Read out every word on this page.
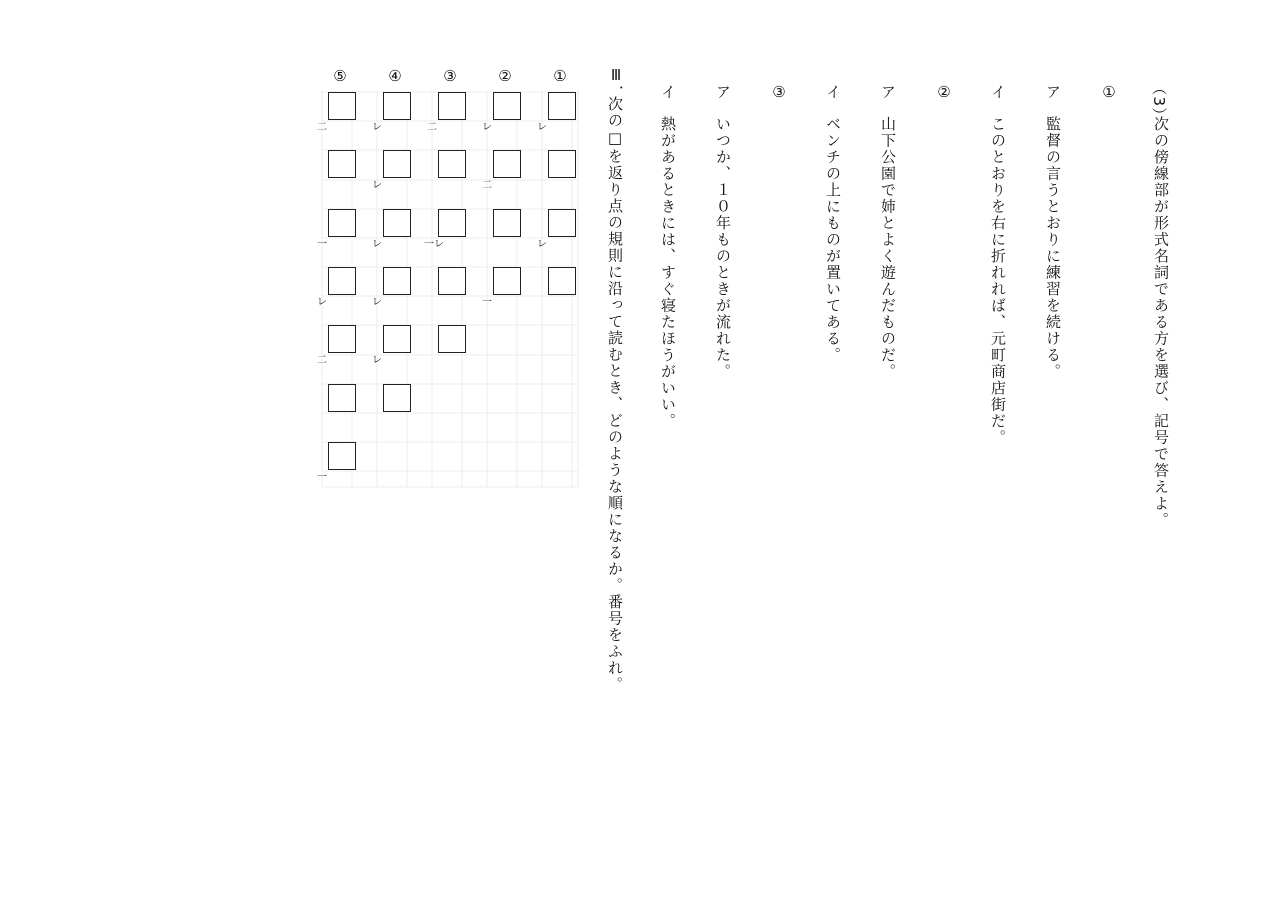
（3）
次の傍線部が形式名詞である方を選び、記号で答えよ。
①
ア
監督の言うとおりに練習を続ける。
イ
このとおりを右に折れれば、元町商店街だ。
②
ア
山下公園で姉とよく遊んだものだ。
イ
ベンチの上にものが置いてある。
③
ア
いつか、１０年ものときが流れた。
イ
熱があるときには、すぐ寝たほうがいい。
Ⅲ．
次の□を返り点の規則に沿って読むとき、どのような順になるか。番号をふれ。
①
②
③
④
⑤
レ
レ
レ
二
一
二
一レ
レ
レ
レ
レ
レ
二
一
レ
二
一
